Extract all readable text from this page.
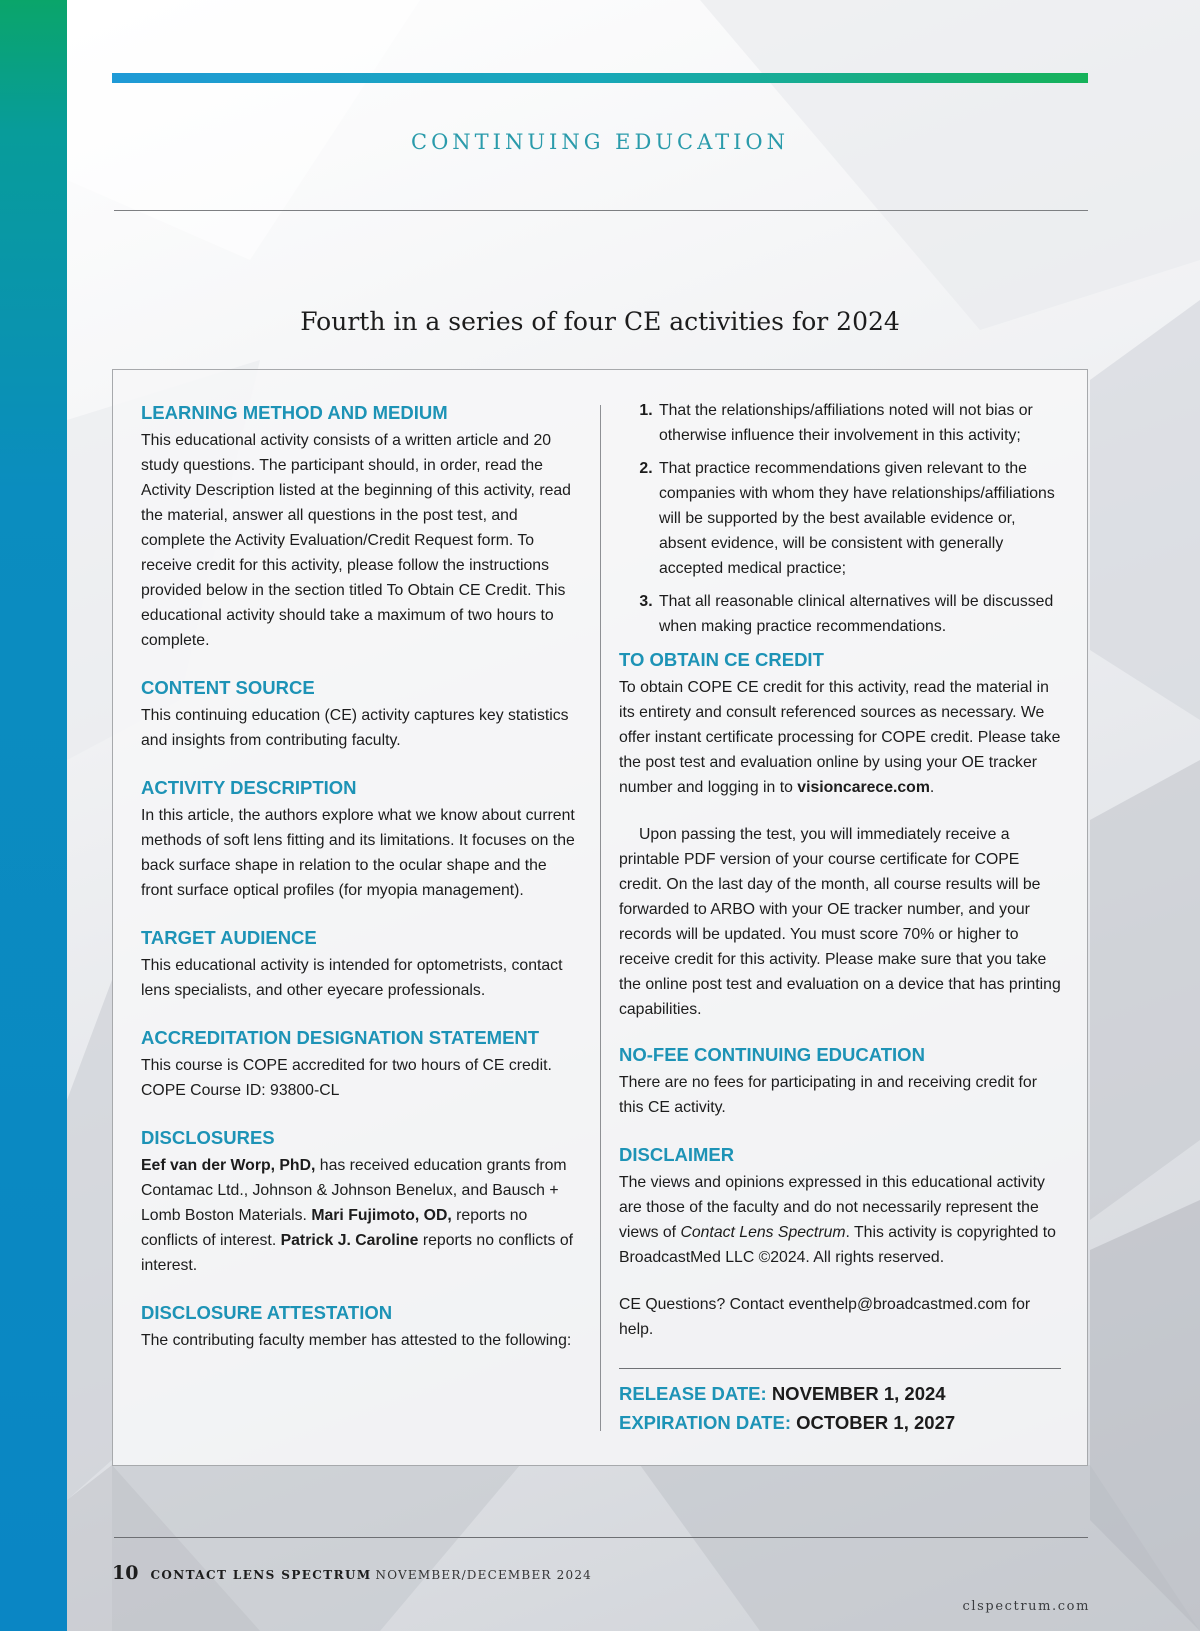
CONTINUING EDUCATION
Fourth in a series of four CE activities for 2024
LEARNING METHOD AND MEDIUM

This educational activity consists of a written article and 20 study questions. The participant should, in order, read the Activity Description listed at the beginning of this activity, read the material, answer all questions in the post test, and complete the Activity Evaluation/Credit Request form. To receive credit for this activity, please follow the instructions provided below in the section titled To Obtain CE Credit. This educational activity should take a maximum of two hours to complete.

CONTENT SOURCE

This continuing education (CE) activity captures key statistics and insights from contributing faculty.

ACTIVITY DESCRIPTION

In this article, the authors explore what we know about current methods of soft lens fitting and its limitations. It focuses on the back surface shape in relation to the ocular shape and the front surface optical profiles (for myopia management).

TARGET AUDIENCE

This educational activity is intended for optometrists, contact lens specialists, and other eyecare professionals.

ACCREDITATION DESIGNATION STATEMENT

This course is COPE accredited for two hours of CE credit.
COPE Course ID: 93800-CL

DISCLOSURES

Eef van der Worp, PhD, has received education grants from Contamac Ltd., Johnson & Johnson Benelux, and Bausch + Lomb Boston Materials. Mari Fujimoto, OD, reports no conflicts of interest. Patrick J. Caroline reports no conflicts of interest.

DISCLOSURE ATTESTATION

The contributing faculty member has attested to the following:

1. That the relationships/affiliations noted will not bias or otherwise influence their involvement in this activity;
2. That practice recommendations given relevant to the companies with whom they have relationships/affiliations will be supported by the best available evidence or, absent evidence, will be consistent with generally accepted medical practice;
3. That all reasonable clinical alternatives will be discussed when making practice recommendations.
TO OBTAIN CE CREDIT

To obtain COPE CE credit for this activity, read the material in its entirety and consult referenced sources as necessary. We offer instant certificate processing for COPE credit. Please take the post test and evaluation online by using your OE tracker number and logging in to visioncarece.com.

Upon passing the test, you will immediately receive a printable PDF version of your course certificate for COPE credit. On the last day of the month, all course results will be forwarded to ARBO with your OE tracker number, and your records will be updated. You must score 70% or higher to receive credit for this activity. Please make sure that you take the online post test and evaluation on a device that has printing capabilities.

NO-FEE CONTINUING EDUCATION

There are no fees for participating in and receiving credit for this CE activity.

DISCLAIMER

The views and opinions expressed in this educational activity are those of the faculty and do not necessarily represent the views of Contact Lens Spectrum. This activity is copyrighted to BroadcastMed LLC ©2024. All rights reserved.

CE Questions? Contact eventhelp@broadcastmed.com for help.

RELEASE DATE: NOVEMBER 1, 2024
EXPIRATION DATE: OCTOBER 1, 2027
10 CONTACT LENS SPECTRUM NOVEMBER/DECEMBER 2024
clspectrum.com
